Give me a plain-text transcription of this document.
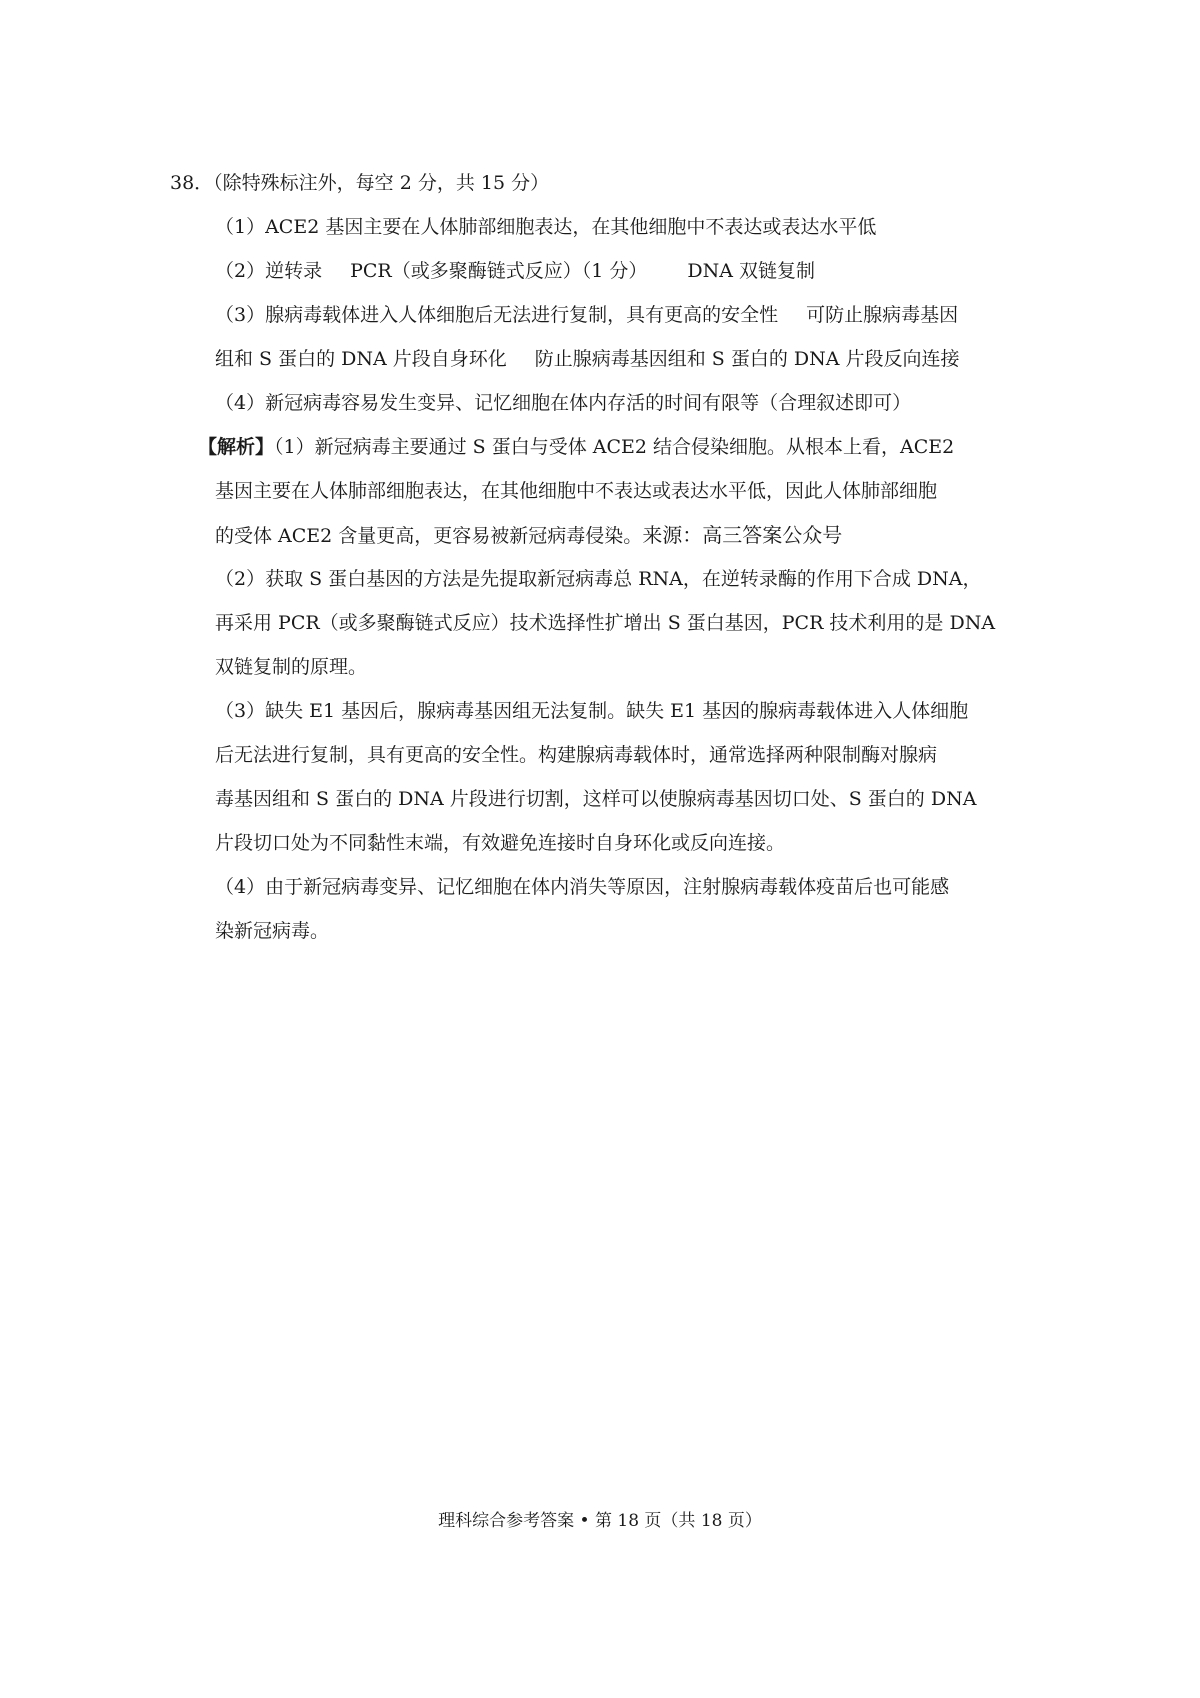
38．（除特殊标注外，每空 2 分，共 15 分）
（1）ACE2 基因主要在人体肺部细胞表达，在其他细胞中不表达或表达水平低
（2）逆转录 PCR（或多聚酶链式反应）（1 分） DNA 双链复制
（3）腺病毒载体进入人体细胞后无法进行复制，具有更高的安全性 可防止腺病毒基因
组和 S 蛋白的 DNA 片段自身环化 防止腺病毒基因组和 S 蛋白的 DNA 片段反向连接
（4）新冠病毒容易发生变异、记忆细胞在体内存活的时间有限等（合理叙述即可）
【解析】（1）新冠病毒主要通过 S 蛋白与受体 ACE2 结合侵染细胞。从根本上看，ACE2
基因主要在人体肺部细胞表达，在其他细胞中不表达或表达水平低，因此人体肺部细胞
的受体 ACE2 含量更高，更容易被新冠病毒侵染。来源：高三答案公众号
（2）获取 S 蛋白基因的方法是先提取新冠病毒总 RNA，在逆转录酶的作用下合成 DNA，
再采用 PCR（或多聚酶链式反应）技术选择性扩增出 S 蛋白基因，PCR 技术利用的是 DNA
双链复制的原理。
（3）缺失 E1 基因后，腺病毒基因组无法复制。缺失 E1 基因的腺病毒载体进入人体细胞
后无法进行复制，具有更高的安全性。构建腺病毒载体时，通常选择两种限制酶对腺病
毒基因组和 S 蛋白的 DNA 片段进行切割，这样可以使腺病毒基因切口处、S 蛋白的 DNA
片段切口处为不同黏性末端，有效避免连接时自身环化或反向连接。
（4）由于新冠病毒变异、记忆细胞在体内消失等原因，注射腺病毒载体疫苗后也可能感
染新冠病毒。
理科综合参考答案 • 第 18 页（共 18 页）
